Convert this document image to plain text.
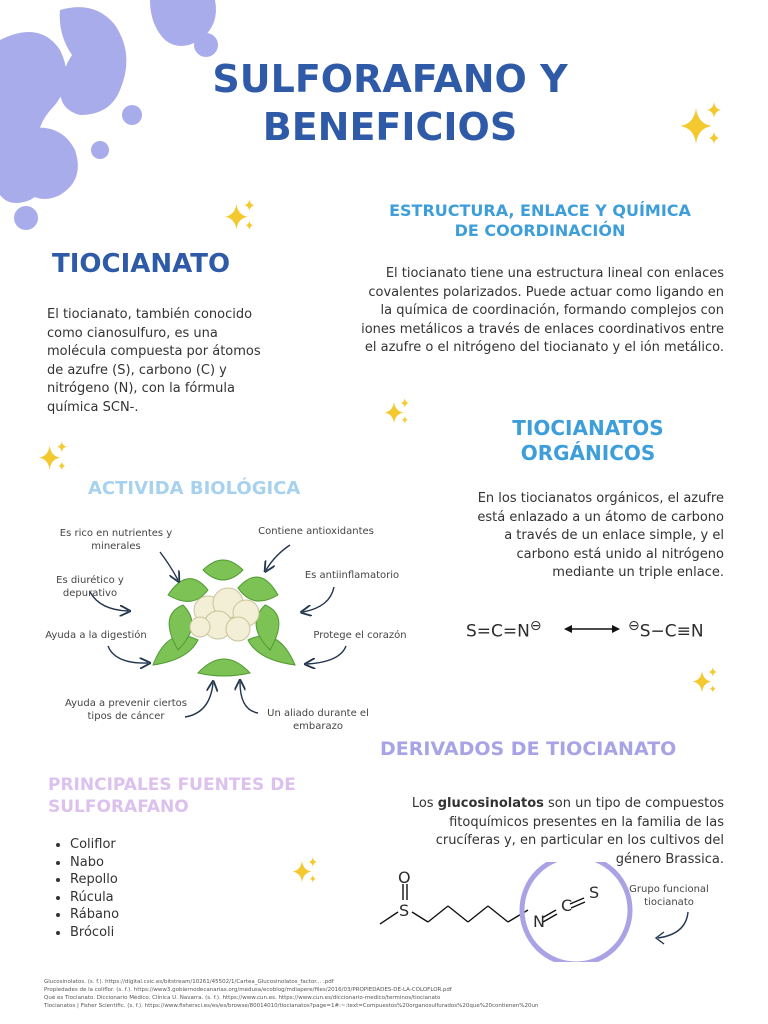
SULFORAFANO Y
BENEFICIOS
ESTRUCTURA, ENLACE Y QUÍMICA
DE COORDINACIÓN
El tiocianato tiene una estructura lineal con enlaces covalentes polarizados. Puede actuar como ligando en la química de coordinación, formando complejos con iones metálicos a través de enlaces coordinativos entre el azufre o el nitrógeno del tiocianato y el ión metálico.
TIOCIANATO
El tiocianato, también conocido como cianosulfuro, es una molécula compuesta por átomos de azufre (S), carbono (C) y nitrógeno (N), con la fórmula química SCN-.
TIOCIANATOS
ORGÁNICOS
En los tiocianatos orgánicos, el azufre está enlazado a un átomo de carbono a través de un enlace simple, y el carbono está unido al nitrógeno mediante un triple enlace.
S=C=N⊖	⊖S−C≡N
ACTIVIDA BIOLÓGICA
Es rico en nutrientes y minerales
Contiene antioxidantes
Es diurético y depurativo
Es antiinflamatorio
Ayuda a la digestión	Protege el corazón
Ayuda a prevenir ciertos tipos de cáncer	Un aliado durante el embarazo
DERIVADOS DE TIOCIANATO
Los glucosinolatos son un tipo de compuestos fitoquímicos presentes en la familia de las crucíferas y, en particular en los cultivos del género Brassica.
O
S
N
C
S	Grupo funcional tiocianato
PRINCIPALES FUENTES DE
SULFORAFANO
• Coliflor
• Nabo
• Repollo
• Rúcula
• Rábano
• Brócoli
Glucosinolatos. (s. f.). https://digital.csic.es/bitstream/10261/45502/1/Cartea_Glucosinolatos_factor... .pdf
Propiedades de la coliflor. (s. f.). https://www3.gobiernodecanarias.org/medusa/ecoblog/mdiapere/files/2016/03/PROPIEDADES-DE-LA-COLOFLOR.pdf
Qué es Tiocianato. Diccionario Médico. Clínica U. Navarra. (s. f.). https://www.cun.es. https://www.cun.es/diccionario-medico/terminos/tiocianato
Tiocianatos | Fisher Scientific. (s. f.). https://www.fishersci.es/es/es/browse/80014010/tiocianatos?page=1#:~:text=Compuestos%20organosulfurados%20que%20contienen%20un
